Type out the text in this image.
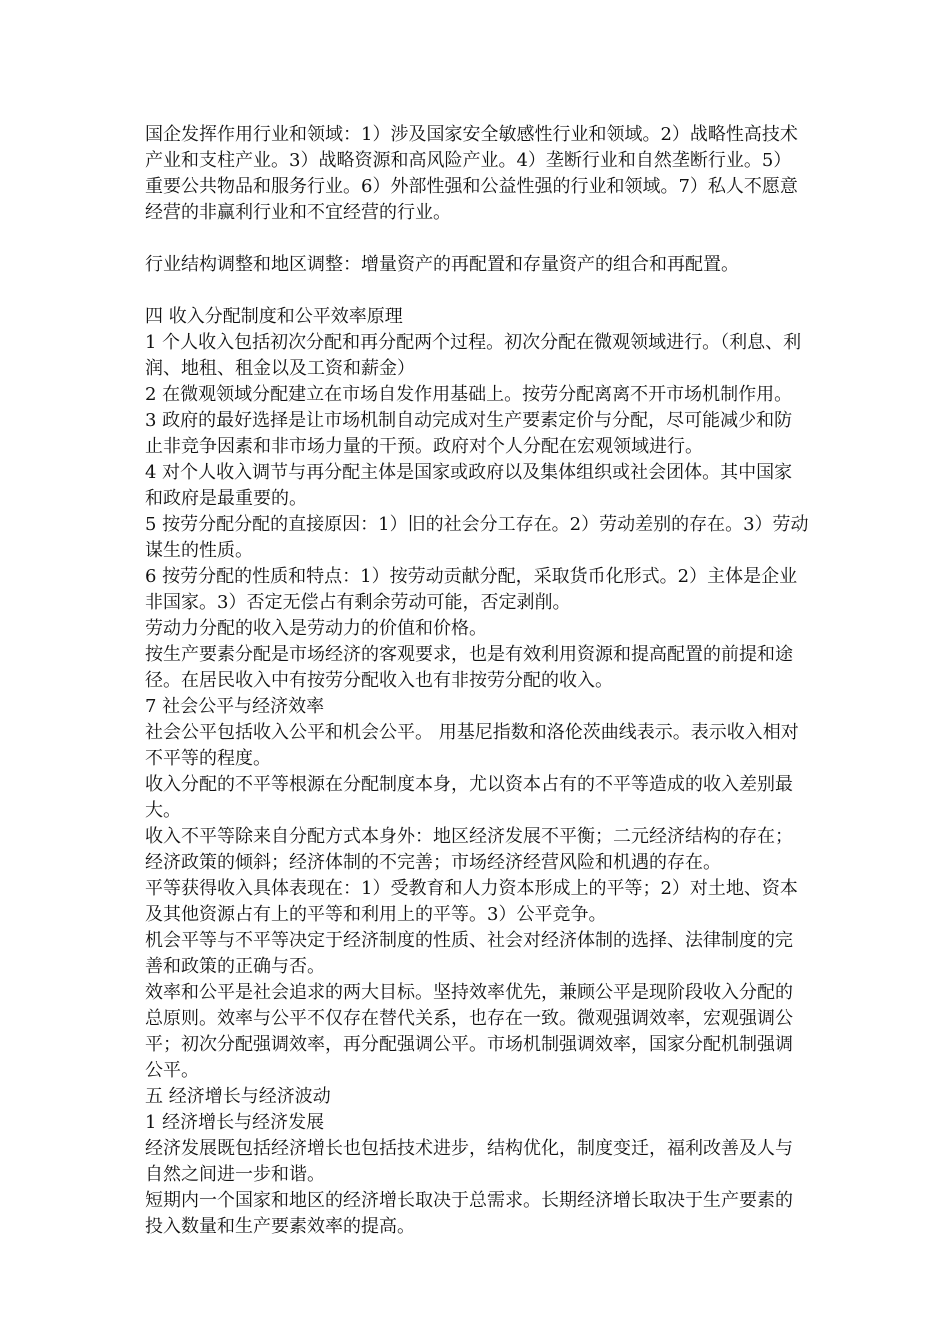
国企发挥作用行业和领域：1）涉及国家安全敏感性行业和领域。2）战略性高技术产业和支柱产业。3）战略资源和高风险产业。4）垄断行业和自然垄断行业。5）重要公共物品和服务行业。6）外部性强和公益性强的行业和领域。7）私人不愿意经营的非赢利行业和不宜经营的行业。

行业结构调整和地区调整：增量资产的再配置和存量资产的组合和再配置。

四 收入分配制度和公平效率原理

1 个人收入包括初次分配和再分配两个过程。初次分配在微观领域进行。（利息、利润、地租、租金以及工资和薪金）

2 在微观领域分配建立在市场自发作用基础上。按劳分配离离不开市场机制作用。

3 政府的最好选择是让市场机制自动完成对生产要素定价与分配，尽可能减少和防止非竞争因素和非市场力量的干预。政府对个人分配在宏观领域进行。

4 对个人收入调节与再分配主体是国家或政府以及集体组织或社会团体。其中国家和政府是最重要的。

5 按劳分配分配的直接原因：1）旧的社会分工存在。2）劳动差别的存在。3）劳动谋生的性质。

6 按劳分配的性质和特点：1）按劳动贡献分配，采取货币化形式。2）主体是企业非国家。3）否定无偿占有剩余劳动可能，否定剥削。

劳动力分配的收入是劳动力的价值和价格。

按生产要素分配是市场经济的客观要求，也是有效利用资源和提高配置的前提和途径。在居民收入中有按劳分配收入也有非按劳分配的收入。

7 社会公平与经济效率

社会公平包括收入公平和机会公平。 用基尼指数和洛伦茨曲线表示。表示收入相对不平等的程度。

收入分配的不平等根源在分配制度本身，尤以资本占有的不平等造成的收入差别最大。

收入不平等除来自分配方式本身外：地区经济发展不平衡；二元经济结构的存在；经济政策的倾斜；经济体制的不完善；市场经济经营风险和机遇的存在。

平等获得收入具体表现在：1）受教育和人力资本形成上的平等；2）对土地、资本及其他资源占有上的平等和利用上的平等。3）公平竞争。

机会平等与不平等决定于经济制度的性质、社会对经济体制的选择、法律制度的完善和政策的正确与否。

效率和公平是社会追求的两大目标。坚持效率优先，兼顾公平是现阶段收入分配的总原则。效率与公平不仅存在替代关系，也存在一致。微观强调效率，宏观强调公平；初次分配强调效率，再分配强调公平。市场机制强调效率，国家分配机制强调公平。

五 经济增长与经济波动

1 经济增长与经济发展

经济发展既包括经济增长也包括技术进步，结构优化，制度变迁，福利改善及人与自然之间进一步和谐。

短期内一个国家和地区的经济增长取决于总需求。长期经济增长取决于生产要素的投入数量和生产要素效率的提高。
